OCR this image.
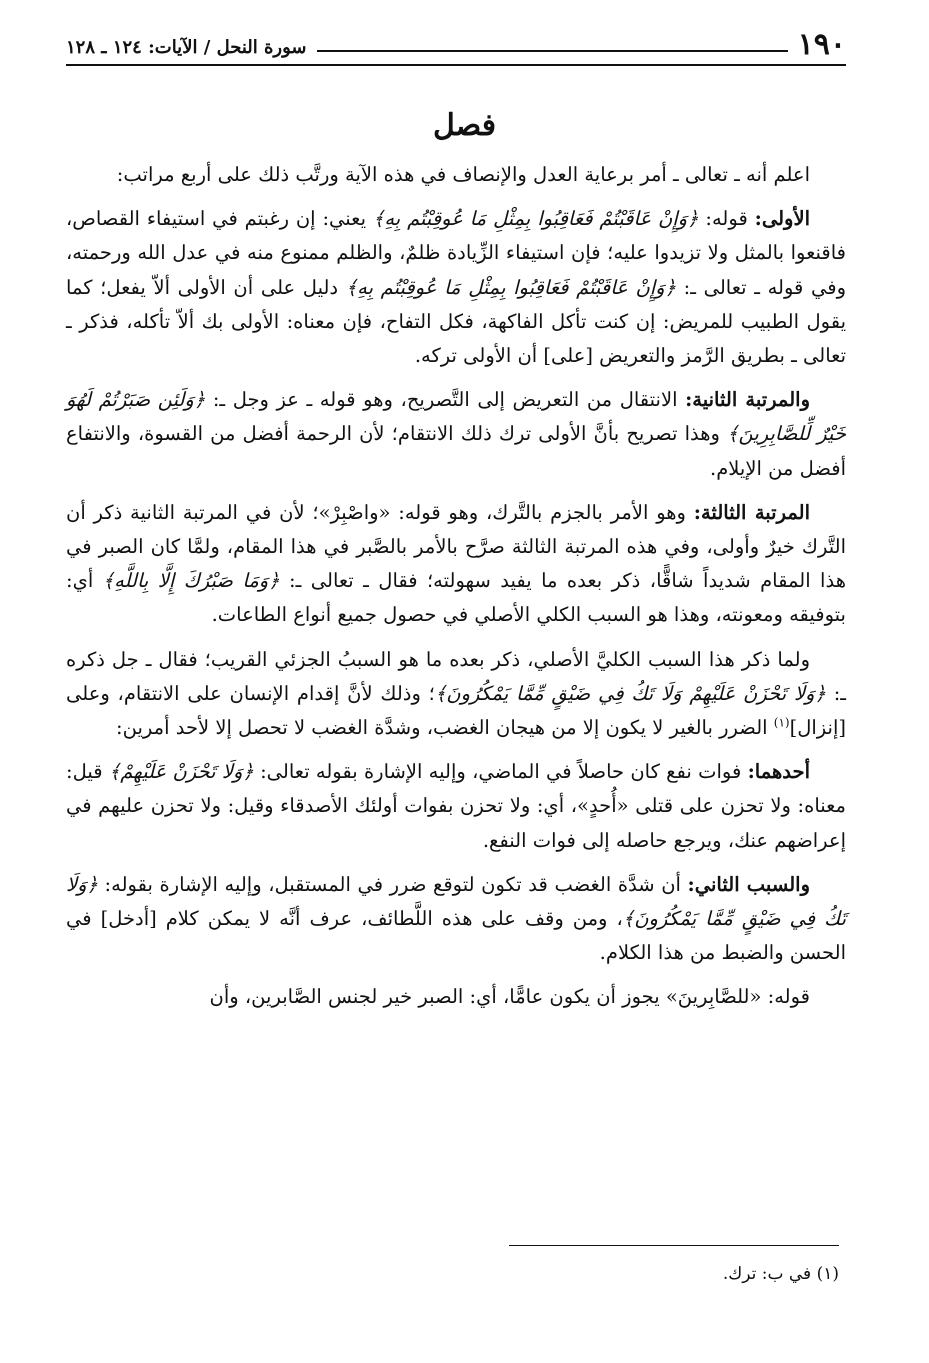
١٩٠
سورة النحل / الآيات: ١٢٤ ـ ١٢٨
فصل

اعلم أنه ـ تعالى ـ أمر برعاية العدل والإنصاف في هذه الآية ورتَّب ذلك على أربع مراتب:

الأولى: قوله: ﴿وَإِنْ عَاقَبْتُمْ فَعَاقِبُوا بِمِثْلِ مَا عُوقِبْتُم بِهِ﴾ يعني: إن رغبتم في استيفاء القصاص، فاقنعوا بالمثل ولا تزيدوا عليه؛ فإن استيفاء الزِّيادة ظلمٌ، والظلم ممنوع منه في عدل الله ورحمته، وفي قوله ـ تعالى ـ: ﴿وَإِنْ عَاقَبْتُمْ فَعَاقِبُوا بِمِثْلِ مَا عُوقِبْتُم بِهِ﴾ دليل على أن الأولى ألاّ يفعل؛ كما يقول الطبيب للمريض: إن كنت تأكل الفاكهة، فكل التفاح، فإن معناه: الأولى بك ألاّ تأكله، فذكر ـ تعالى ـ بطريق الرَّمز والتعريض [على] أن الأولى تركه.

والمرتبة الثانية: الانتقال من التعريض إلى التَّصريح، وهو قوله ـ عز وجل ـ: ﴿وَلَئِن صَبَرْتُمْ لَهُوَ خَيْرٌ لِّلصَّابِرِينَ﴾ وهذا تصريح بأنَّ الأولى ترك ذلك الانتقام؛ لأن الرحمة أفضل من القسوة، والانتفاع أفضل من الإيلام.

المرتبة الثالثة: وهو الأمر بالجزم بالتَّرك، وهو قوله: «واصْبِرْ»؛ لأن في المرتبة الثانية ذكر أن التَّرك خيرٌ وأولى، وفي هذه المرتبة الثالثة صرَّح بالأمر بالصَّبر في هذا المقام، ولمَّا كان الصبر في هذا المقام شديداً شاقًّا، ذكر بعده ما يفيد سهولته؛ فقال ـ تعالى ـ: ﴿وَمَا صَبْرُكَ إِلَّا بِاللَّهِ﴾ أي: بتوفيقه ومعونته، وهذا هو السبب الكلي الأصلي في حصول جميع أنواع الطاعات.

ولما ذكر هذا السبب الكليَّ الأصلي، ذكر بعده ما هو السببُ الجزئي القريب؛ فقال ـ جل ذكره ـ: ﴿وَلَا تَحْزَنْ عَلَيْهِمْ وَلَا تَكُ فِي ضَيْقٍ مِّمَّا يَمْكُرُونَ﴾؛ وذلك لأنَّ إقدام الإنسان على الانتقام، وعلى [إنزال]$^{(١)}$ الضرر بالغير لا يكون إلا من هيجان الغضب، وشدَّة الغضب لا تحصل إلا لأحد أمرين:

أحدهما: فوات نفع كان حاصلاً في الماضي، وإليه الإشارة بقوله تعالى: ﴿وَلَا تَحْزَنْ عَلَيْهِمْ﴾ قيل: معناه: ولا تحزن على قتلى «أُحدٍ»، أي: ولا تحزن بفوات أولئك الأصدقاء وقيل: ولا تحزن عليهم في إعراضهم عنك، ويرجع حاصله إلى فوات النفع.

والسبب الثاني: أن شدَّة الغضب قد تكون لتوقع ضرر في المستقبل، وإليه الإشارة بقوله: ﴿وَلَا تَكُ فِي ضَيْقٍ مِّمَّا يَمْكُرُونَ﴾، ومن وقف على هذه اللَّطائف، عرف أنَّه لا يمكن كلام [أدخل] في الحسن والضبط من هذا الكلام.

قوله: «للصَّابِرينَ» يجوز أن يكون عامًّا، أي: الصبر خير لجنس الصَّابرين، وأن

(١) في ب: ترك.
